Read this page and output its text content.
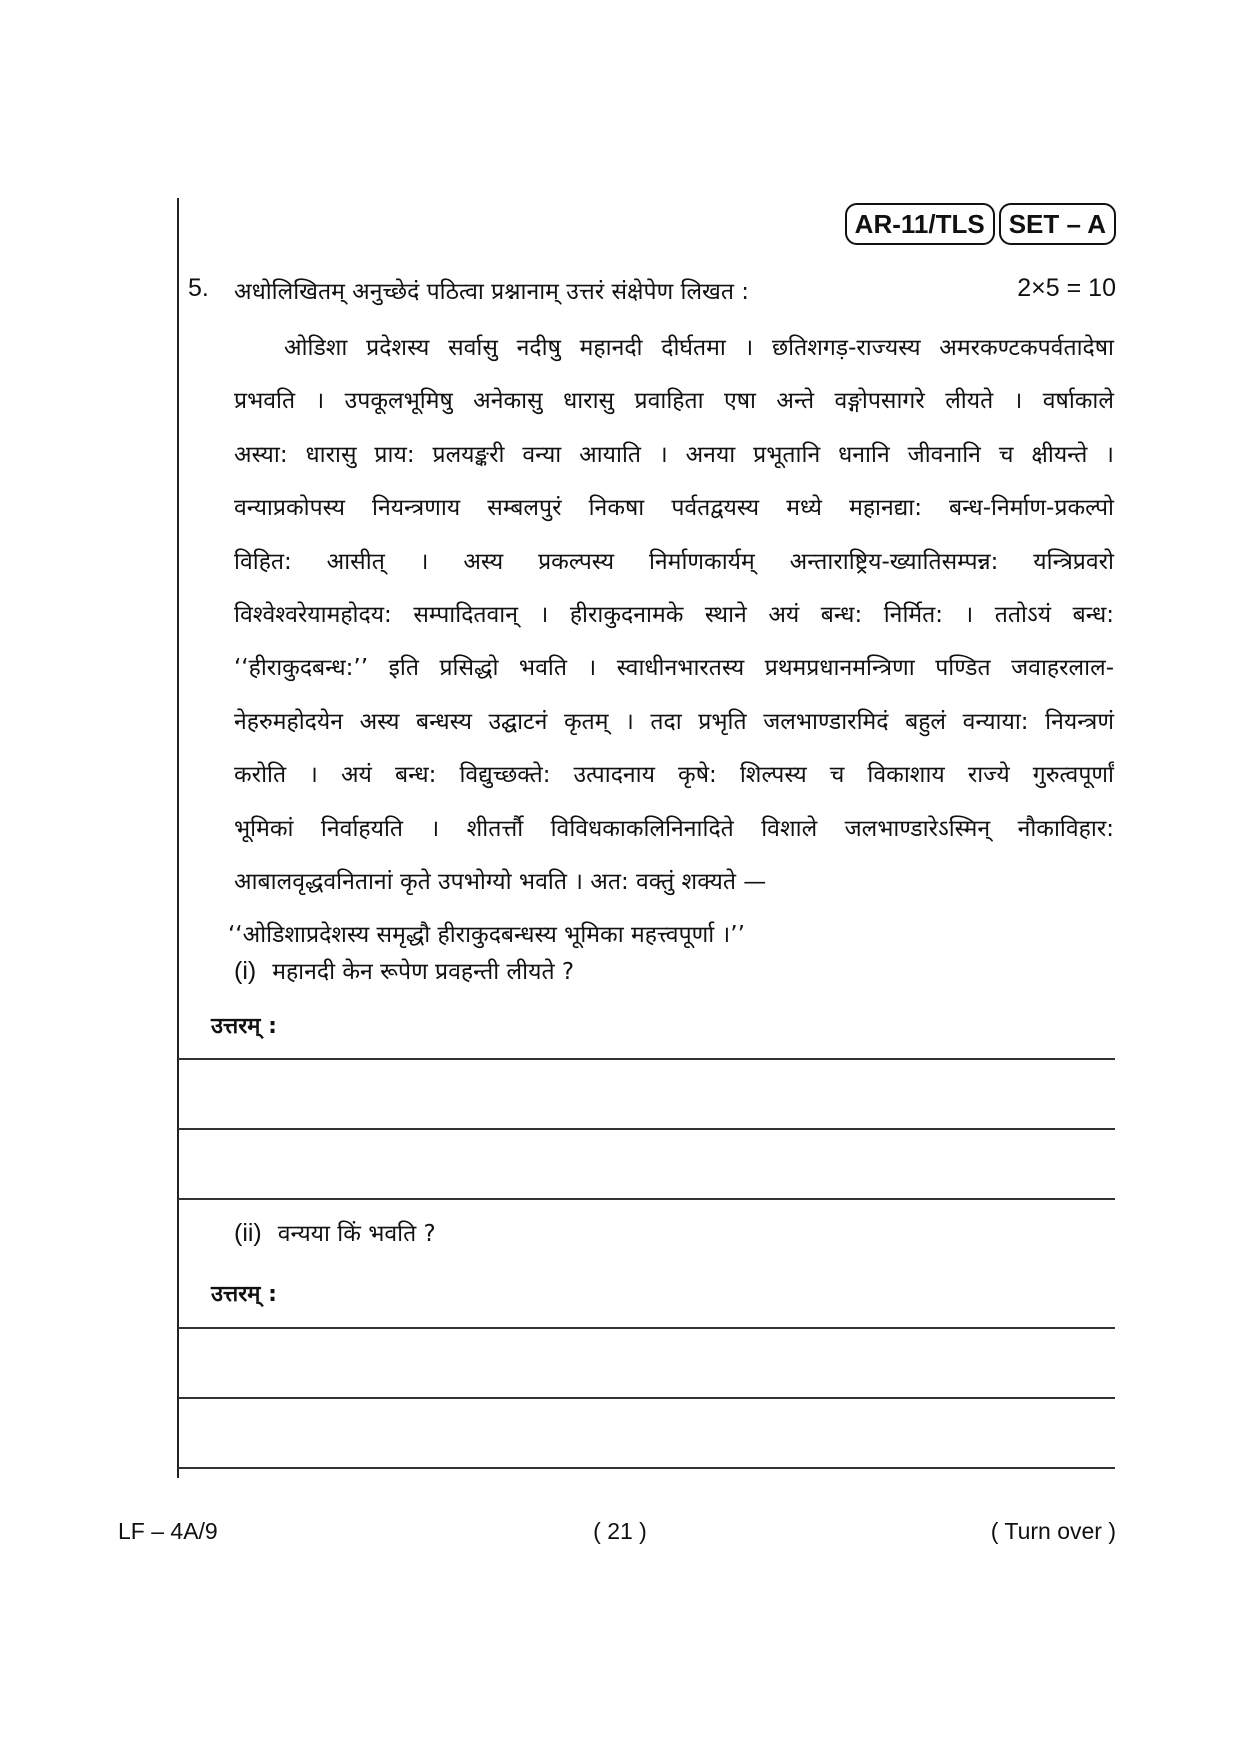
AR-11/TLS SET – A
5. अधोलिखितम् अनुच्छेदं पठित्वा प्रश्नानाम् उत्तरं संक्षेपेण लिखत :	2×5 = 10
ओडिशा प्रदेशस्य सर्वासु नदीषु महानदी दीर्घतमा । छतिशगड़-राज्यस्य अमरकण्टकपर्वतादेषा
प्रभवति । उपकूलभूमिषु अनेकासु धारासु प्रवाहिता एषा अन्ते वङ्गोपसागरे लीयते । वर्षाकाले
अस्या: धारासु प्राय: प्रलयङ्करी वन्या आयाति । अनया प्रभूतानि धनानि जीवनानि च क्षीयन्ते ।
वन्याप्रकोपस्य नियन्त्रणाय सम्बलपुरं निकषा पर्वतद्वयस्य मध्ये महानद्या: बन्ध-निर्माण-प्रकल्पो
विहित: आसीत् । अस्य प्रकल्पस्य निर्माणकार्यम् अन्ताराष्ट्रिय-ख्यातिसम्पन्न: यन्त्रिप्रवरो
विश्वेश्वरेयामहोदय: सम्पादितवान् । हीराकुदनामके स्थाने अयं बन्ध: निर्मित: । ततोऽयं बन्ध:
‘‘हीराकुदबन्ध:’’ इति प्रसिद्धो भवति । स्वाधीनभारतस्य प्रथमप्रधानमन्त्रिणा पण्डित जवाहरलाल-
नेहरुमहोदयेन अस्य बन्धस्य उद्घाटनं कृतम् । तदा प्रभृति जलभाण्डारमिदं बहुलं वन्याया: नियन्त्रणं
करोति । अयं बन्ध: विद्युच्छक्ते: उत्पादनाय कृषे: शिल्पस्य च विकाशाय राज्ये गुरुत्वपूर्णां
भूमिकां निर्वाहयति । शीतर्त्तौ विविधकाकलिनिनादिते विशाले जलभाण्डारेऽस्मिन् नौकाविहार:
आबालवृद्धवनितानां कृते उपभोग्यो भवति । अत: वक्तुं शक्यते —
‘‘ओडिशाप्रदेशस्य समृद्धौ हीराकुदबन्धस्य भूमिका महत्त्वपूर्णा ।’’
(i) महानदी केन रूपेण प्रवहन्ती लीयते ?
उत्तरम् :
(ii) वन्यया किं भवति ?
उत्तरम् :
LF – 4A/9	( 21 )	( Turn over )
